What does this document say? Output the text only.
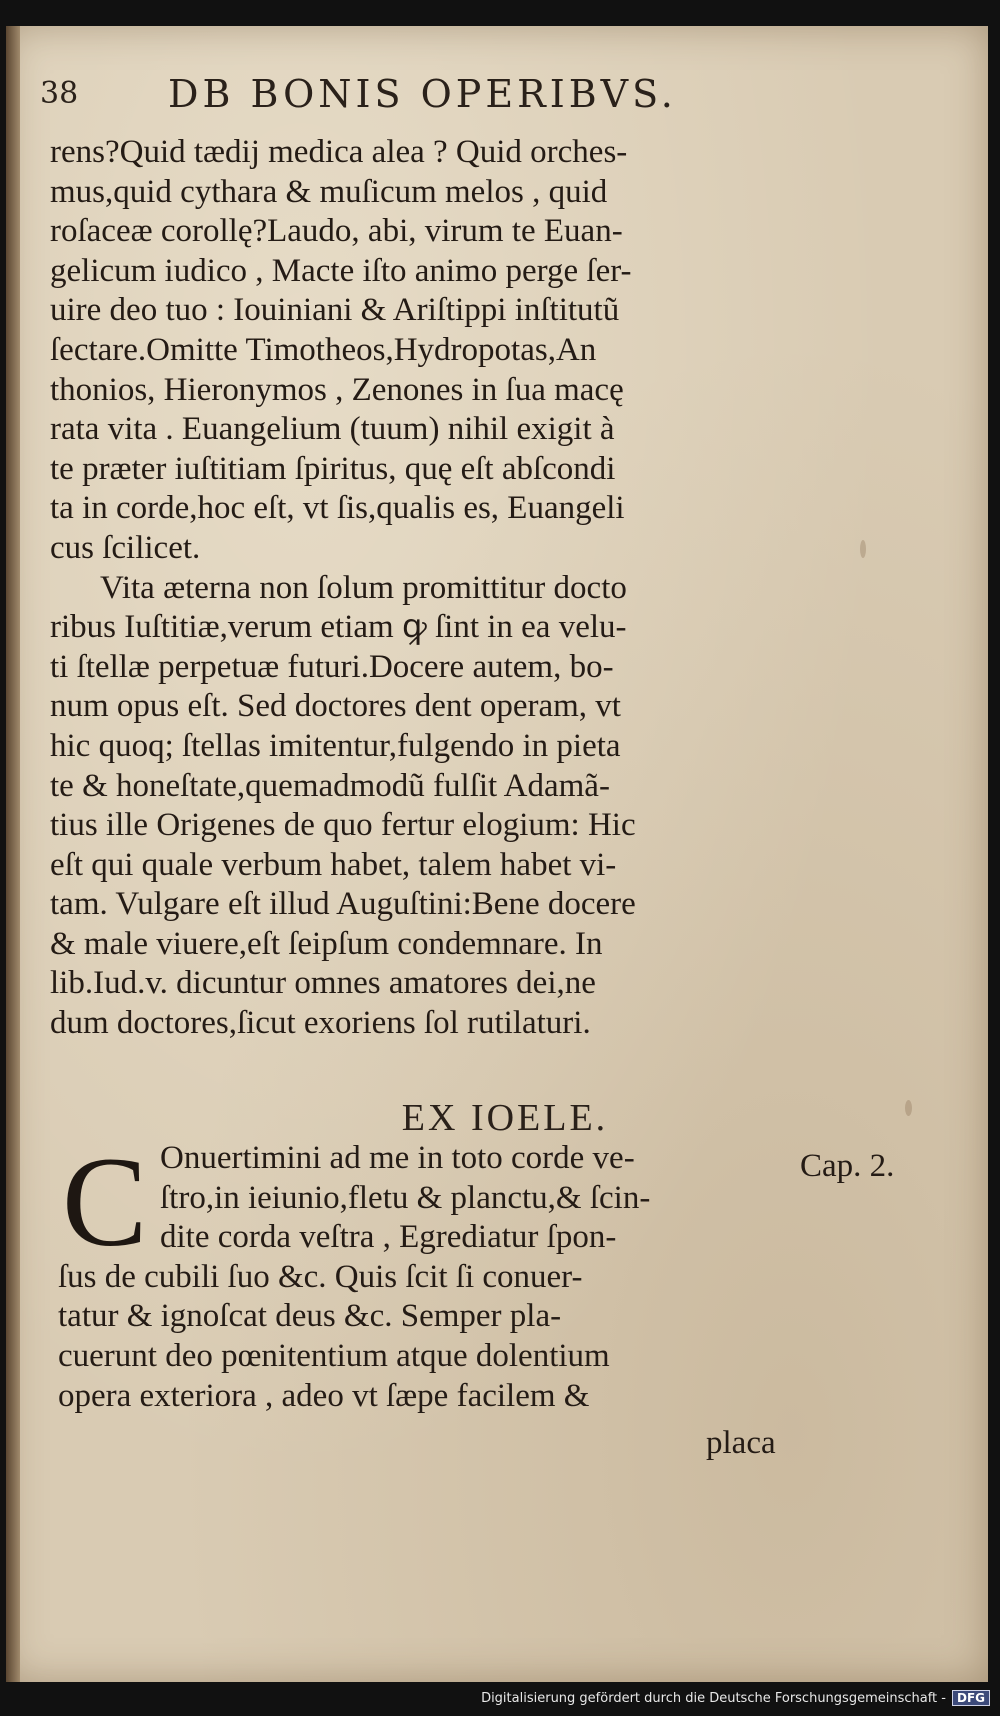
38 DB BONIS OPERIBVS.
rens?Quid tædij medica alea ? Quid orches-
mus,quid cythara & muſicum melos , quid
roſaceæ corollę?Laudo, abi, virum te Euan-
gelicum iudico , Macte iſto animo perge ſer-
uire deo tuo : Iouiniani & Ariſtippi inſtitutũ
ſectare.Omitte Timotheos,Hydropotas,An
thonios, Hieronymos , Zenones in ſua macę
rata vita . Euangelium (tuum) nihil exigit à
te præter iuſtitiam ſpiritus, quę eſt abſcondi
ta in corde,hoc eſt, vt ſis,qualis es, Euangeli
cus ſcilicet.
Vita æterna non ſolum promittitur docto
ribus Iuſtitiæ,verum etiam ꝙ ſint in ea velu-
ti ſtellæ perpetuæ futuri.Docere autem, bo-
num opus eſt. Sed doctores dent operam, vt
hic quoq; ſtellas imitentur,fulgendo in pieta
te & honeſtate,quemadmodũ fulſit Adamã-
tius ille Origenes de quo fertur elogium: Hic
eſt qui quale verbum habet, talem habet vi-
tam. Vulgare eſt illud Auguſtini:Bene docere
& male viuere,eſt ſeipſum condemnare. In
lib.Iud.v. dicuntur omnes amatores dei,ne
dum doctores,ſicut exoriens ſol rutilaturi.
EX IOELE.
C Onuertimini ad me in toto corde ve-
ſtro,in ieiunio,fletu & planctu,& ſcin-
dite corda veſtra , Egrediatur ſpon-
ſus de cubili ſuo &c. Quis ſcit ſi conuer-
tatur & ignoſcat deus &c. Semper pla-
cuerunt deo pœnitentium atque dolentium
opera exteriora , adeo vt ſæpe facilem &
Cap. 2.
placa
Digitalisierung gefördert durch die Deutsche Forschungsgemeinschaft - DFG
